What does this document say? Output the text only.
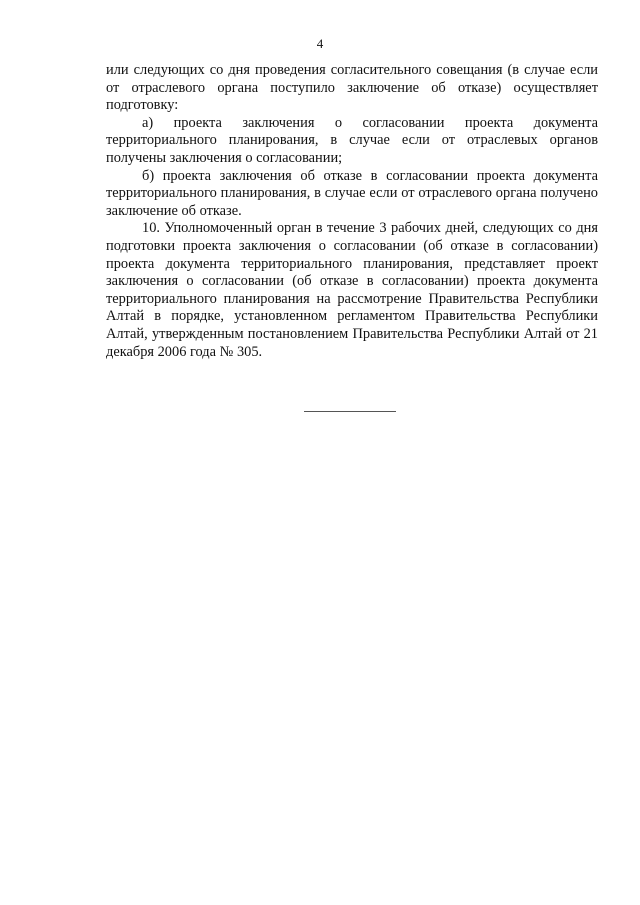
4

или следующих со дня проведения согласительного совещания (в случае если от отраслевого органа поступило заключение об отказе) осуществляет подготовку:

а) проекта заключения о согласовании проекта документа территориального планирования, в случае если от отраслевых органов получены заключения о согласовании;

б) проекта заключения об отказе в согласовании проекта документа территориального планирования, в случае если от отраслевого органа получено заключение об отказе.

10. Уполномоченный орган в течение 3 рабочих дней, следующих со дня подготовки проекта заключения о согласовании (об отказе в согласовании) проекта документа территориального планирования, представляет проект заключения о согласовании (об отказе в согласовании) проекта документа территориального планирования на рассмотрение Правительства Республики Алтай в порядке, установленном регламентом Правительства Республики Алтай, утвержденным постановлением Правительства Республики Алтай от 21 декабря 2006 года № 305.
